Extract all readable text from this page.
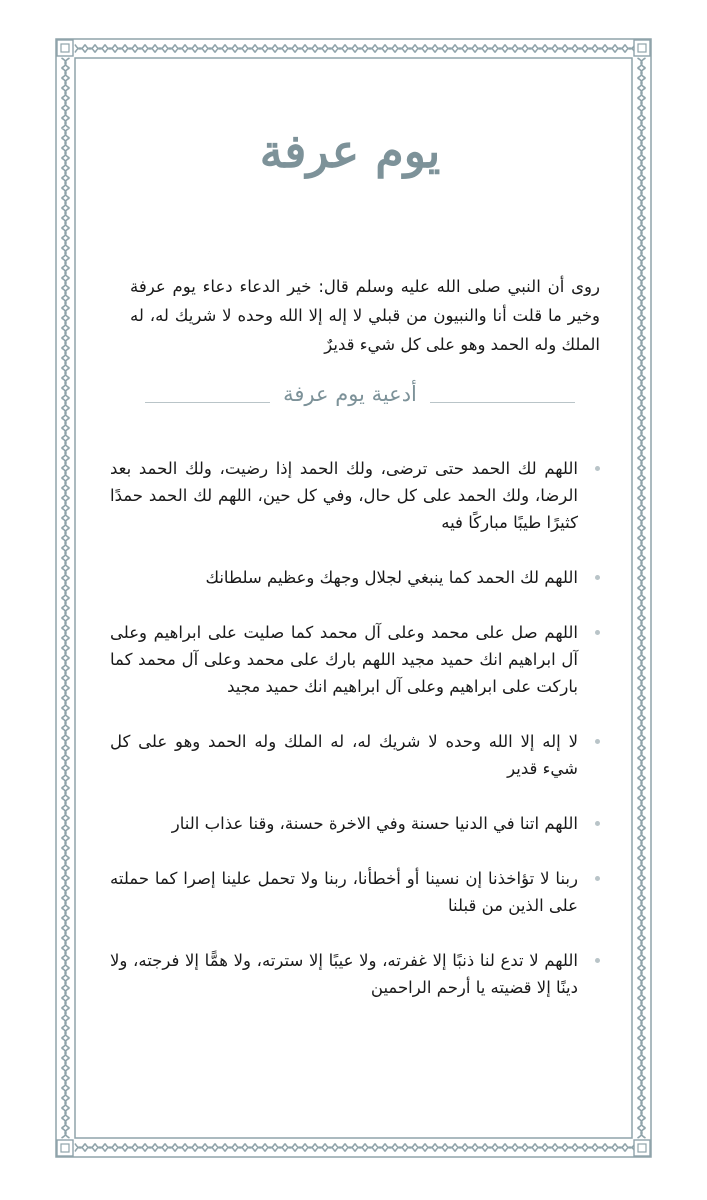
يوم عرفة

روى أن النبي صلى الله عليه وسلم قال: خير الدعاء دعاء يوم عرفة وخير ما قلت أنا والنبيون من قبلي لا إله إلا الله وحده لا شريك له، له الملك وله الحمد وهو على كل شيء قديرٌ

أدعية يوم عرفة
اللهم لك الحمد حتى ترضى، ولك الحمد إذا رضيت، ولك الحمد بعد الرضا، ولك الحمد على كل حال، وفي كل حين، اللهم لك الحمد حمدًا كثيرًا طيبًا مباركًا فيه
اللهم لك الحمد كما ينبغي لجلال وجهك وعظيم سلطانك
اللهم صل على محمد وعلى آل محمد كما صليت على ابراهيم وعلى آل ابراهيم انك حميد مجيد اللهم بارك على محمد وعلى آل محمد كما باركت على ابراهيم وعلى آل ابراهيم انك حميد مجيد
لا إله إلا الله وحده لا شريك له، له الملك وله الحمد وهو على كل شيء قدير
اللهم اتنا في الدنيا حسنة وفي الاخرة حسنة، وقنا عذاب النار
ربنا لا تؤاخذنا إن نسينا أو أخطأنا، ربنا ولا تحمل علينا إصرا كما حملته على الذين من قبلنا
اللهم لا تدع لنا ذنبًا إلا غفرته، ولا عيبًا إلا سترته، ولا همًّا إلا فرجته، ولا دينًا إلا قضيته يا أرحم الراحمين
